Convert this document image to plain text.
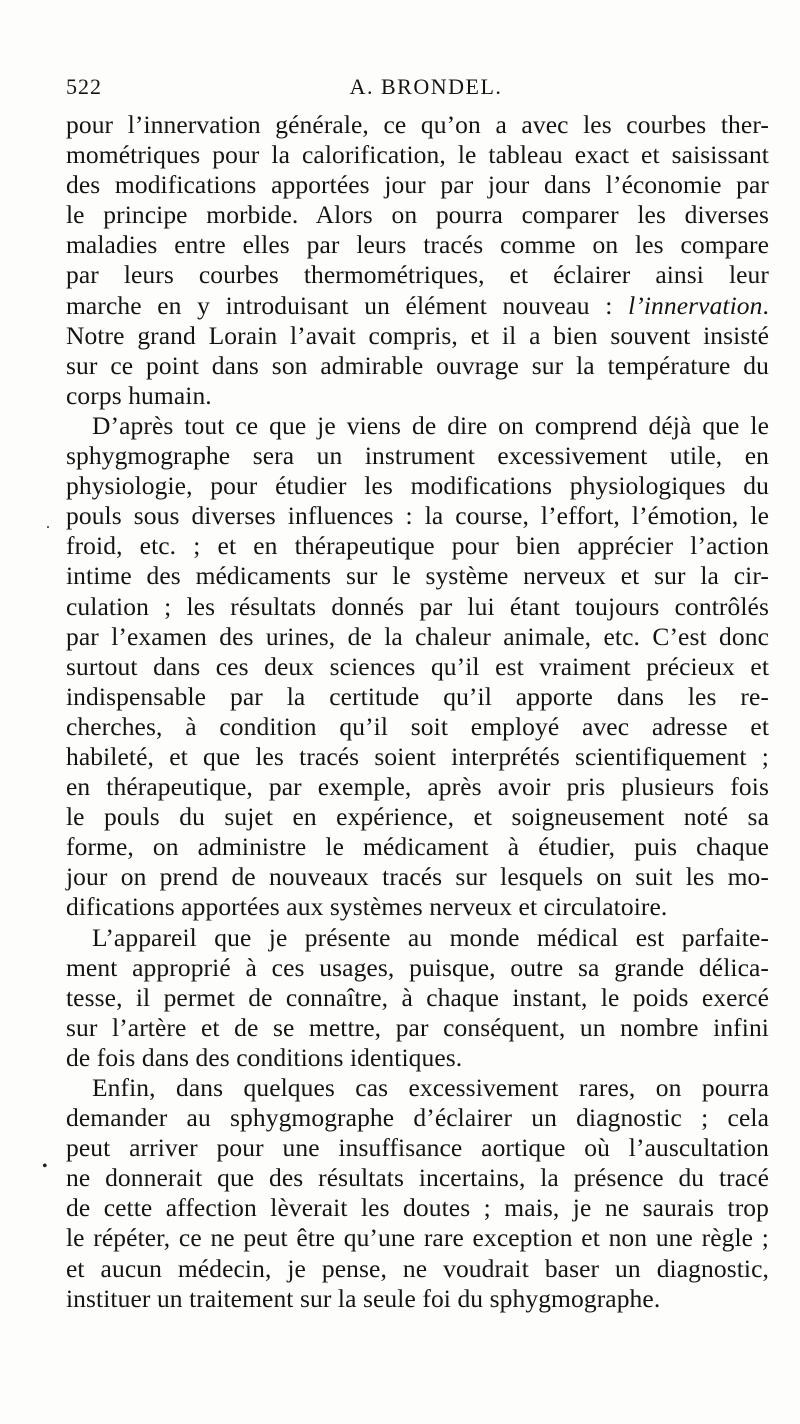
522	A. BRONDEL.
pour l’innervation générale, ce qu’on a avec les courbes ther-
mométriques pour la calorification, le tableau exact et saisissant
des modifications apportées jour par jour dans l’économie par
le principe morbide. Alors on pourra comparer les diverses
maladies entre elles par leurs tracés comme on les compare
par leurs courbes thermométriques, et éclairer ainsi leur
marche en y introduisant un élément nouveau : l’innervation.
Notre grand Lorain l’avait compris, et il a bien souvent insisté
sur ce point dans son admirable ouvrage sur la température du
corps humain.
D’après tout ce que je viens de dire on comprend déjà que le
sphygmographe sera un instrument excessivement utile, en
physiologie, pour étudier les modifications physiologiques du
pouls sous diverses influences : la course, l’effort, l’émotion, le
froid, etc. ; et en thérapeutique pour bien apprécier l’action
intime des médicaments sur le système nerveux et sur la cir-
culation ; les résultats donnés par lui étant toujours contrôlés
par l’examen des urines, de la chaleur animale, etc. C’est donc
surtout dans ces deux sciences qu’il est vraiment précieux et
indispensable par la certitude qu’il apporte dans les re-
cherches, à condition qu’il soit employé avec adresse et
habileté, et que les tracés soient interprétés scientifiquement ;
en thérapeutique, par exemple, après avoir pris plusieurs fois
le pouls du sujet en expérience, et soigneusement noté sa
forme, on administre le médicament à étudier, puis chaque
jour on prend de nouveaux tracés sur lesquels on suit les mo-
difications apportées aux systèmes nerveux et circulatoire.
L’appareil que je présente au monde médical est parfaite-
ment approprié à ces usages, puisque, outre sa grande délica-
tesse, il permet de connaître, à chaque instant, le poids exercé
sur l’artère et de se mettre, par conséquent, un nombre infini
de fois dans des conditions identiques.
Enfin, dans quelques cas excessivement rares, on pourra
demander au sphygmographe d’éclairer un diagnostic ; cela
peut arriver pour une insuffisance aortique où l’auscultation
ne donnerait que des résultats incertains, la présence du tracé
de cette affection lèverait les doutes ; mais, je ne saurais trop
le répéter, ce ne peut être qu’une rare exception et non une règle ;
et aucun médecin, je pense, ne voudrait baser un diagnostic,
instituer un traitement sur la seule foi du sphygmographe.
.
•
